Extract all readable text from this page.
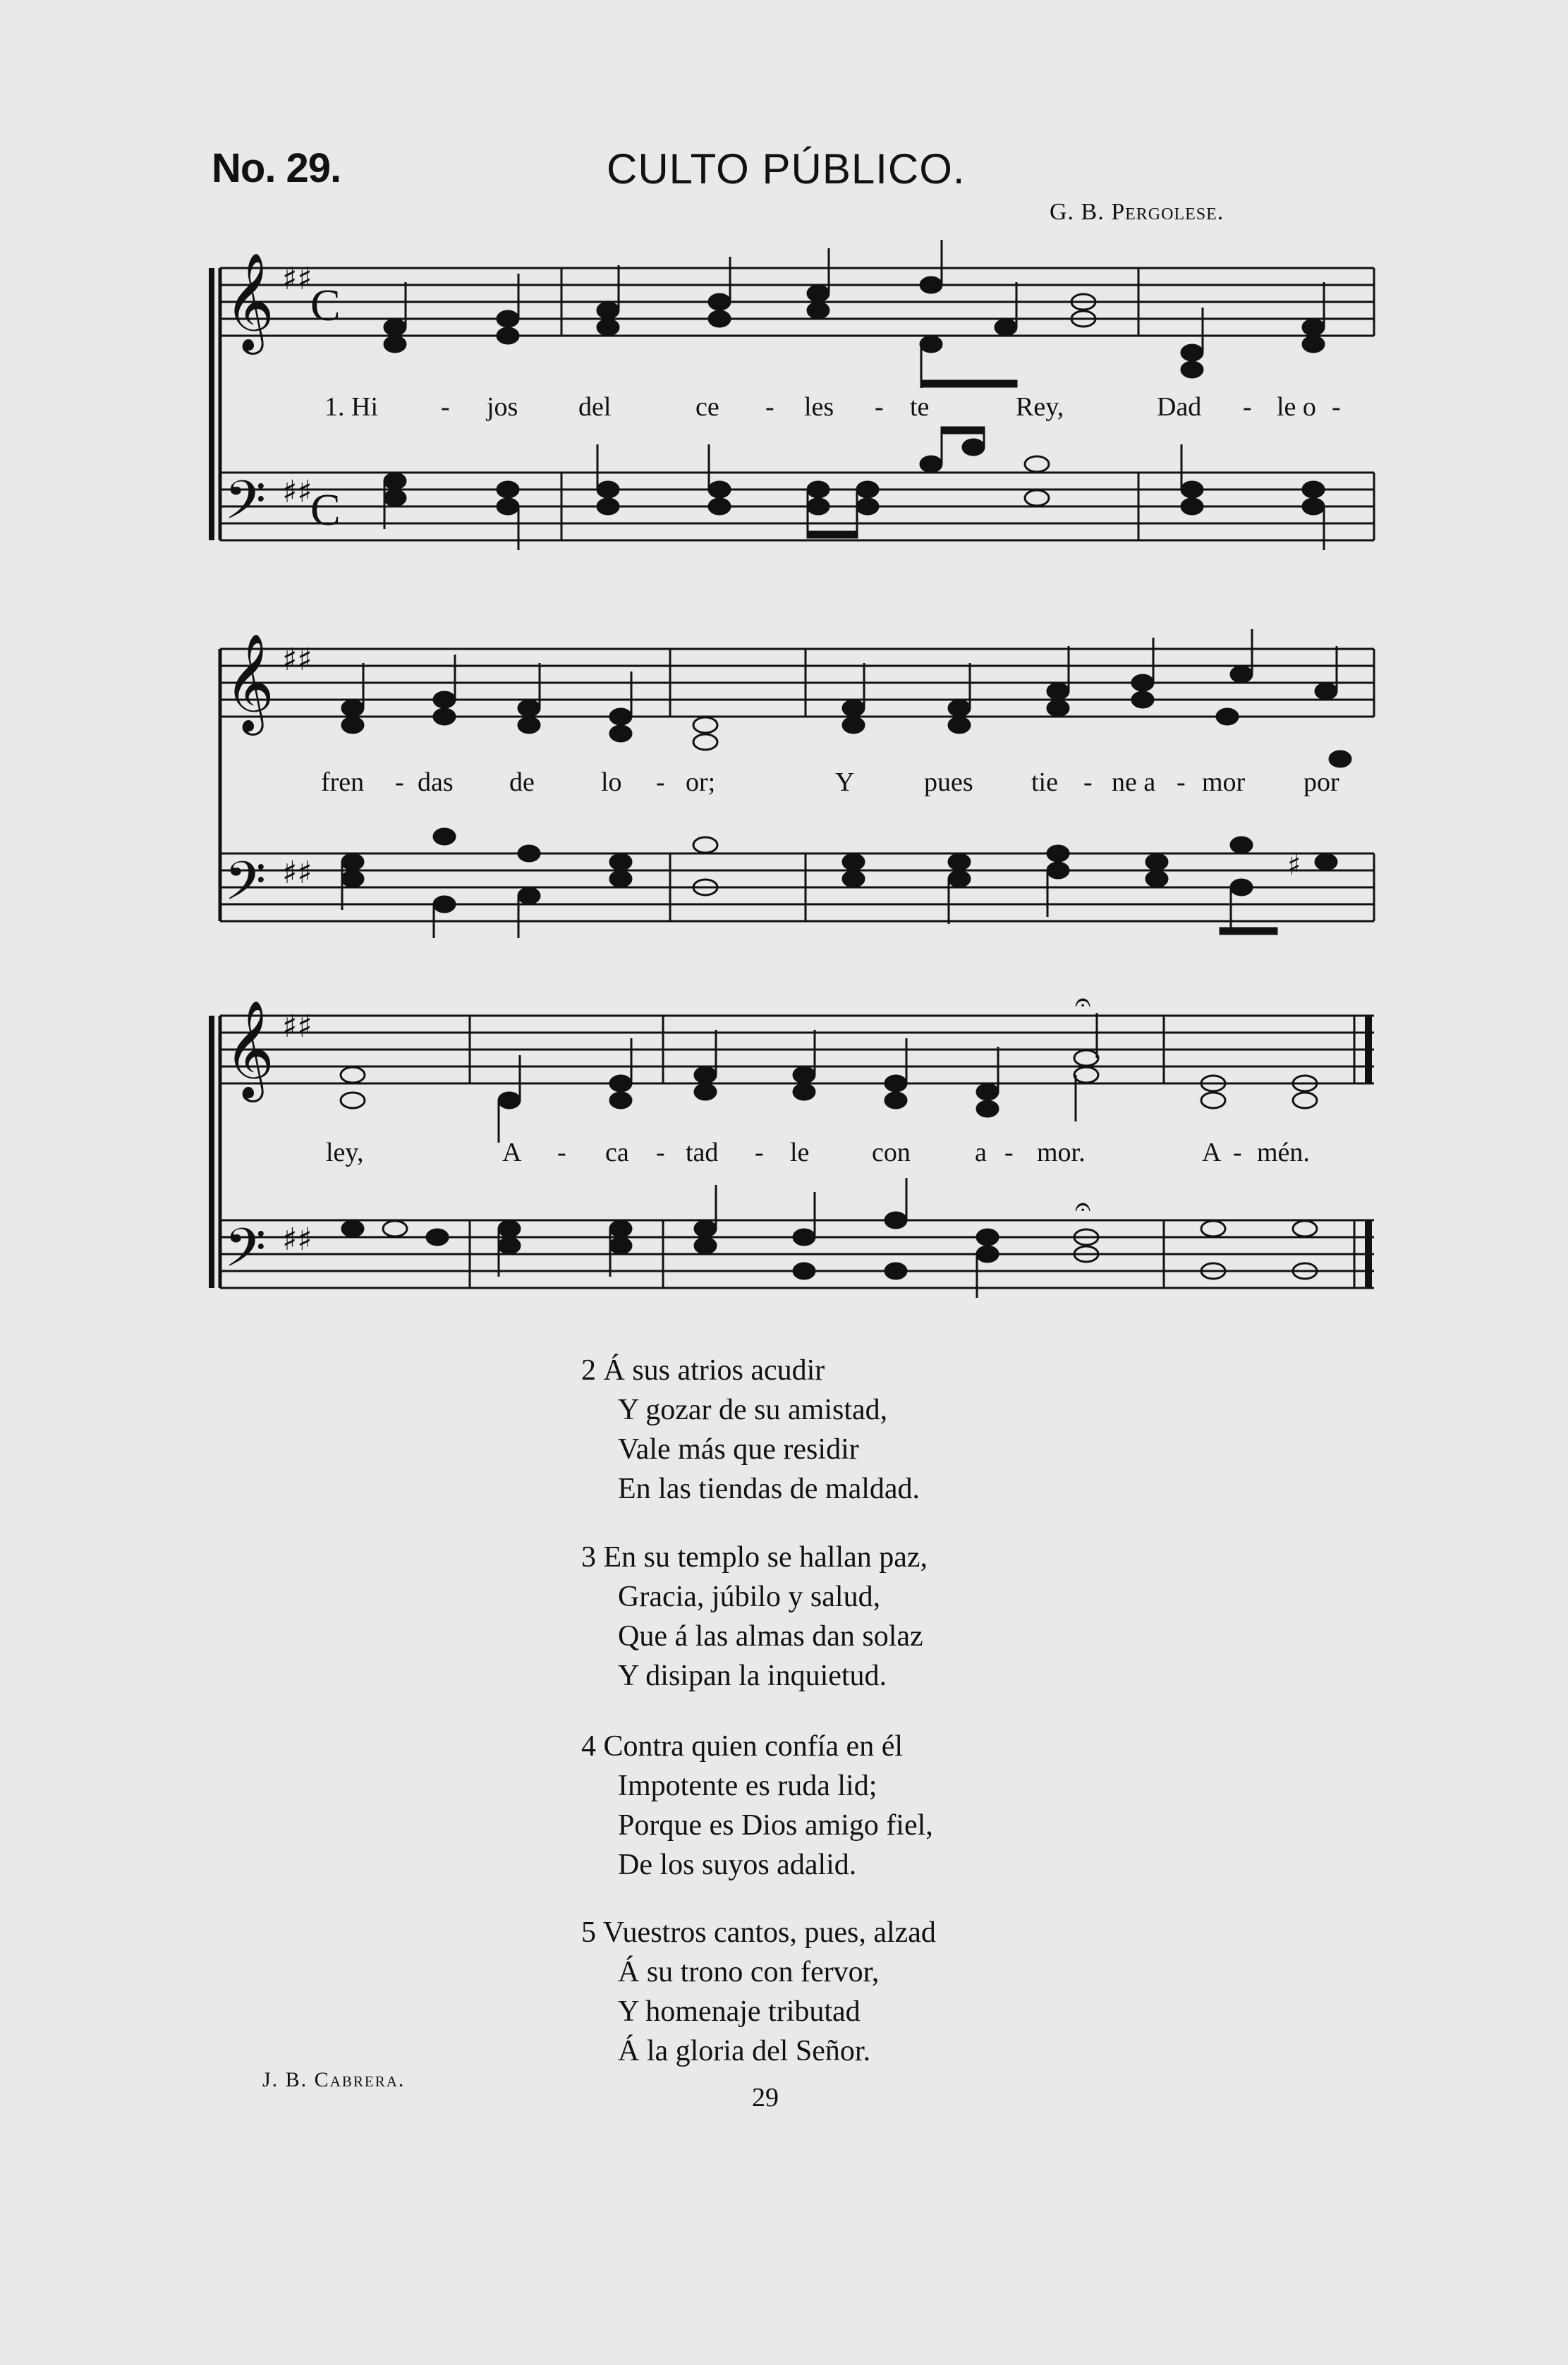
No. 29.	CULTO PÚBLICO.
G. B. Pergolese.
𝄞 ♯♯
C
𝄢 ♯♯
C
1. Hi - jos del	ce - les - te	Rey,	Dad - le o -
𝄞 ♯♯
𝄢 ♯♯	♯
fren - das de lo - or;	Y	pues tie - ne a - mor por
𝄞 ♯♯
𝄢 ♯♯
𝄐
𝄐
ley,	A - ca - tad - le con a - mor.	A - mén.
2 Á sus atrios acudir
Y gozar de su amistad,
Vale más que residir
En las tiendas de maldad.
3 En su templo se hallan paz,
Gracia, júbilo y salud,
Que á las almas dan solaz
Y disipan la inquietud.
4 Contra quien confía en él
Impotente es ruda lid;
Porque es Dios amigo fiel,
De los suyos adalid.
5 Vuestros cantos, pues, alzad
Á su trono con fervor,
Y homenaje tributad
Á la gloria del Señor.
J. B. Cabrera.
29
